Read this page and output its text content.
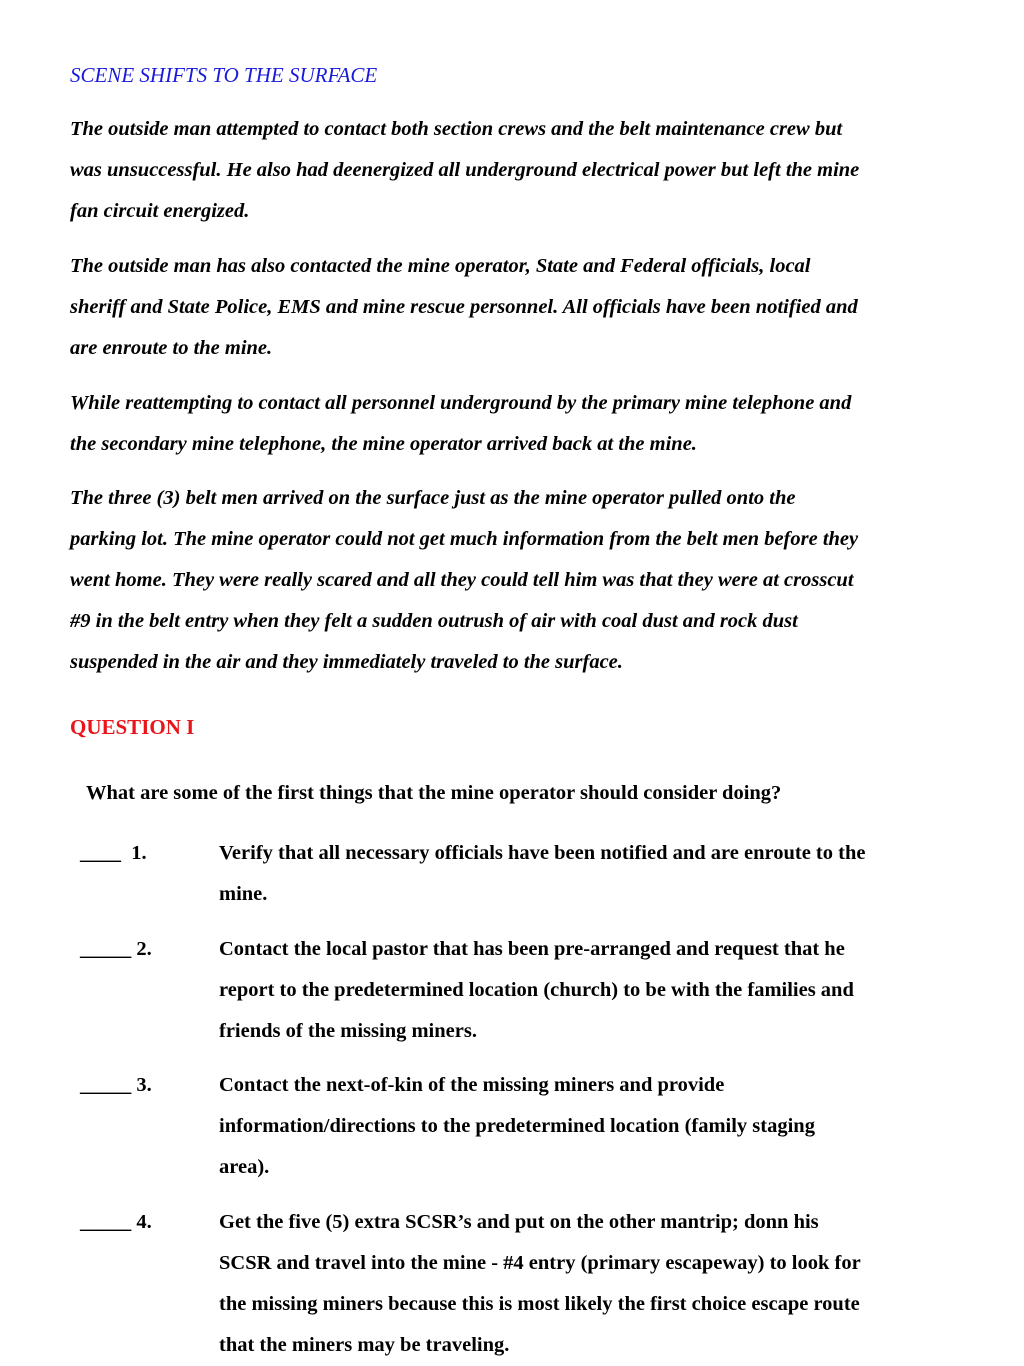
SCENE SHIFTS TO THE SURFACE
The outside man attempted to contact both section crews and the belt maintenance crew but
was unsuccessful. He also had deenergized all underground electrical power but left the mine
fan circuit energized.
The outside man has also contacted the mine operator, State and Federal officials, local
sheriff and State Police, EMS and mine rescue personnel. All officials have been notified and
are enroute to the mine.
While reattempting to contact all personnel underground by the primary mine telephone and
the secondary mine telephone, the mine operator arrived back at the mine.
The three (3) belt men arrived on the surface just as the mine operator pulled onto the
parking lot. The mine operator could not get much information from the belt men before they
went home. They were really scared and all they could tell him was that they were at crosscut
#9 in the belt entry when they felt a sudden outrush of air with coal dust and rock dust
suspended in the air and they immediately traveled to the surface.
QUESTION I
What are some of the first things that the mine operator should consider doing?
____  1.	Verify that all necessary officials have been notified and are enroute to the
mine.
_____ 2.	Contact the local pastor that has been pre-arranged and request that he
report to the predetermined location (church) to be with the families and
friends of the missing miners.
_____ 3.	Contact the next-of-kin of the missing miners and provide
information/directions to the predetermined location (family staging
area).
_____ 4.	Get the five (5) extra SCSR’s and put on the other mantrip; donn his
SCSR and travel into the mine - #4 entry (primary escapeway) to look for
the missing miners because this is most likely the first choice escape route
that the miners may be traveling.
